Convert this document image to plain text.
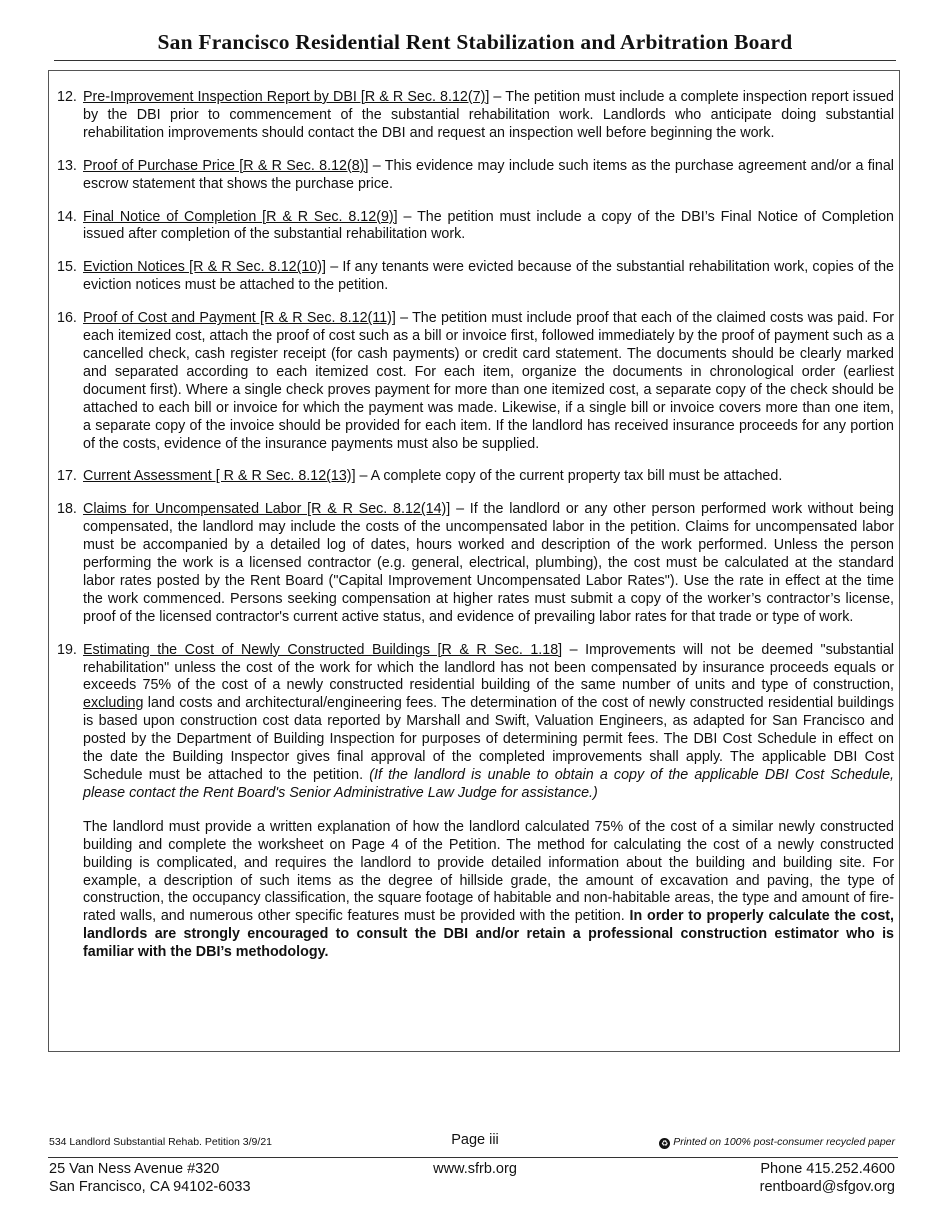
San Francisco Residential Rent Stabilization and Arbitration Board
12. Pre-Improvement Inspection Report by DBI [R & R Sec. 8.12(7)] – The petition must include a complete inspection report issued by the DBI prior to commencement of the substantial rehabilitation work. Landlords who anticipate doing substantial rehabilitation improvements should contact the DBI and request an inspection well before beginning the work.
13. Proof of Purchase Price [R & R Sec. 8.12(8)] – This evidence may include such items as the purchase agreement and/or a final escrow statement that shows the purchase price.
14. Final Notice of Completion [R & R Sec. 8.12(9)] – The petition must include a copy of the DBI’s Final Notice of Completion issued after completion of the substantial rehabilitation work.
15. Eviction Notices [R & R Sec. 8.12(10)] – If any tenants were evicted because of the substantial rehabilitation work, copies of the eviction notices must be attached to the petition.
16. Proof of Cost and Payment [R & R Sec. 8.12(11)] – The petition must include proof that each of the claimed costs was paid. For each itemized cost, attach the proof of cost such as a bill or invoice first, followed immediately by the proof of payment such as a cancelled check, cash register receipt (for cash payments) or credit card statement. The documents should be clearly marked and separated according to each itemized cost. For each item, organize the documents in chronological order (earliest document first). Where a single check proves payment for more than one itemized cost, a separate copy of the check should be attached to each bill or invoice for which the payment was made. Likewise, if a single bill or invoice covers more than one item, a separate copy of the invoice should be provided for each item. If the landlord has received insurance proceeds for any portion of the costs, evidence of the insurance payments must also be supplied.
17. Current Assessment [ R & R Sec. 8.12(13)] – A complete copy of the current property tax bill must be attached.
18. Claims for Uncompensated Labor [R & R Sec. 8.12(14)] – If the landlord or any other person performed work without being compensated, the landlord may include the costs of the uncompensated labor in the petition. Claims for uncompensated labor must be accompanied by a detailed log of dates, hours worked and description of the work performed. Unless the person performing the work is a licensed contractor (e.g. general, electrical, plumbing), the cost must be calculated at the standard labor rates posted by the Rent Board ("Capital Improvement Uncompensated Labor Rates"). Use the rate in effect at the time the work commenced. Persons seeking compensation at higher rates must submit a copy of the worker’s contractor’s license, proof of the licensed contractor's current active status, and evidence of prevailing labor rates for that trade or type of work.
19. Estimating the Cost of Newly Constructed Buildings [R & R Sec. 1.18] – Improvements will not be deemed "substantial rehabilitation" unless the cost of the work for which the landlord has not been compensated by insurance proceeds equals or exceeds 75% of the cost of a newly constructed residential building of the same number of units and type of construction, excluding land costs and architectural/engineering fees. The determination of the cost of newly constructed residential buildings is based upon construction cost data reported by Marshall and Swift, Valuation Engineers, as adapted for San Francisco and posted by the Department of Building Inspection for purposes of determining permit fees. The DBI Cost Schedule in effect on the date the Building Inspector gives final approval of the completed improvements shall apply. The applicable DBI Cost Schedule must be attached to the petition. (If the landlord is unable to obtain a copy of the applicable DBI Cost Schedule, please contact the Rent Board's Senior Administrative Law Judge for assistance.)
The landlord must provide a written explanation of how the landlord calculated 75% of the cost of a similar newly constructed building and complete the worksheet on Page 4 of the Petition. The method for calculating the cost of a newly constructed building is complicated, and requires the landlord to provide detailed information about the building and building site. For example, a description of such items as the degree of hillside grade, the amount of excavation and paving, the type of construction, the occupancy classification, the square footage of habitable and non-habitable areas, the type and amount of fire-rated walls, and numerous other specific features must be provided with the petition. In order to properly calculate the cost, landlords are strongly encouraged to consult the DBI and/or retain a professional construction estimator who is familiar with the DBI’s methodology.
534 Landlord Substantial Rehab. Petition 3/9/21	Page iii	♻ Printed on 100% post-consumer recycled paper
25 Van Ness Avenue #320
San Francisco, CA 94102-6033
www.sfrb.org	Phone 415.252.4600
rentboard@sfgov.org
